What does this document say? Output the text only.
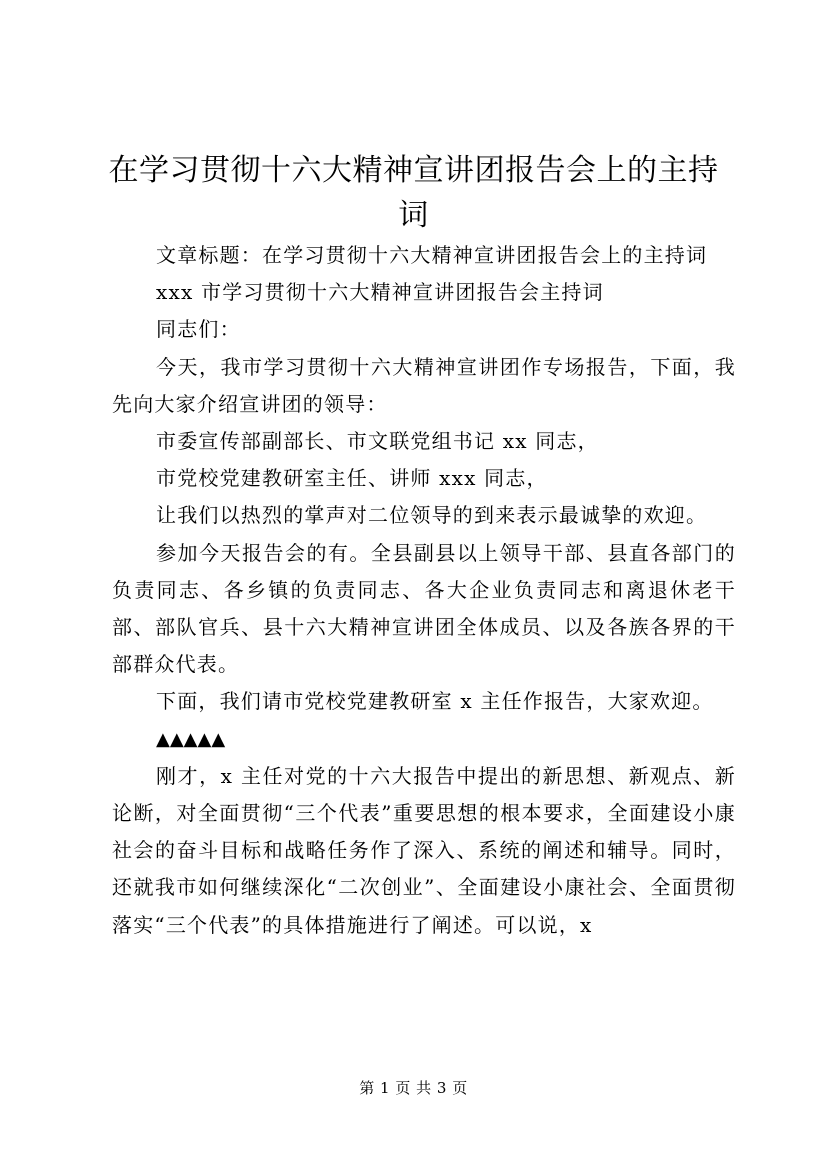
在学习贯彻十六大精神宣讲团报告会上的主持词

文章标题：在学习贯彻十六大精神宣讲团报告会上的主持词

xxx 市学习贯彻十六大精神宣讲团报告会主持词

同志们：

今天，我市学习贯彻十六大精神宣讲团作专场报告，下面，我先向大家介绍宣讲团的领导：

市委宣传部副部长、市文联党组书记 xx 同志，

市党校党建教研室主任、讲师 xxx 同志，

让我们以热烈的掌声对二位领导的到来表示最诚挚的欢迎。

参加今天报告会的有。全县副县以上领导干部、县直各部门的负责同志、各乡镇的负责同志、各大企业负责同志和离退休老干部、部队官兵、县十六大精神宣讲团全体成员、以及各族各界的干部群众代表。

下面，我们请市党校党建教研室 x 主任作报告，大家欢迎。

▲▲▲▲▲

刚才，x 主任对党的十六大报告中提出的新思想、新观点、新论断，对全面贯彻“三个代表”重要思想的根本要求，全面建设小康社会的奋斗目标和战略任务作了深入、系统的阐述和辅导。同时，还就我市如何继续深化“二次创业”、全面建设小康社会、全面贯彻落实“三个代表”的具体措施进行了阐述。可以说，x

第 1 页 共 3 页
